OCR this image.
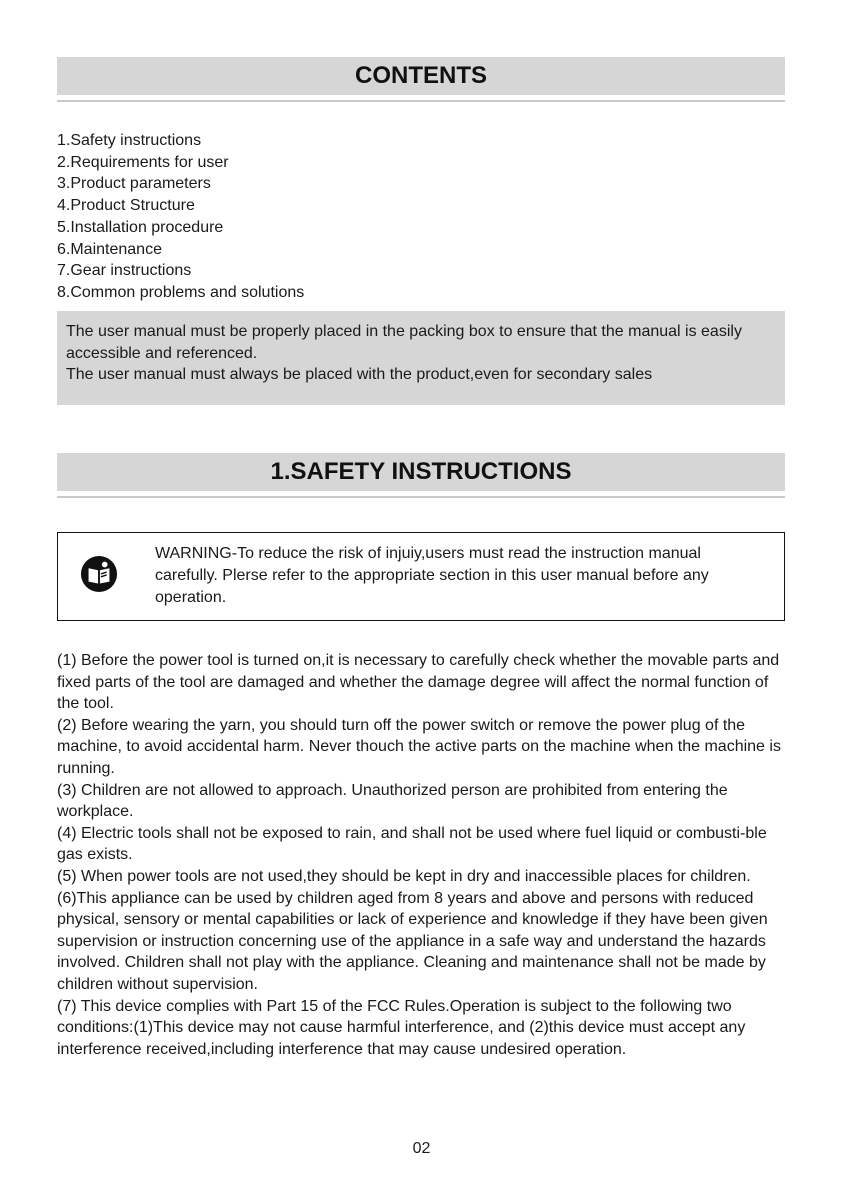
CONTENTS
1.Safety instructions
2.Requirements for user
3.Product parameters
4.Product Structure
5.Installation procedure
6.Maintenance
7.Gear instructions
8.Common problems and solutions

The user manual must be properly placed in the packing box to ensure that the manual is easily accessible and referenced.

The user manual must always be placed with the product,even for secondary sales

1.SAFETY INSTRUCTIONS
WARNING-To reduce the risk of injuiy,users must read the instruction manual carefully. Plerse refer to the appropriate section in this user manual before any operation.

(1) Before the power tool is turned on,it is necessary to carefully check whether the movable parts and fixed parts of the tool are damaged and whether the damage degree will affect the normal function of the tool.

(2) Before wearing the yarn, you should turn off the power switch or remove the power plug of the machine, to avoid accidental harm. Never thouch the active parts on the machine when the machine is running.

(3) Children are not allowed to approach. Unauthorized person are prohibited from entering the workplace.

(4) Electric tools shall not be exposed to rain, and shall not be used where fuel liquid or combusti-ble gas exists.

(5) When power tools are not used,they should be kept in dry and inaccessible places for children.

(6)This appliance can be used by children aged from 8 years and above and persons with reduced physical, sensory or mental capabilities or lack of experience and knowledge if they have been given supervision or instruction concerning use of the appliance in a safe way and understand the hazards involved. Children shall not play with the appliance. Cleaning and maintenance shall not be made by children without supervision.

(7) This device complies with Part 15 of the FCC Rules.Operation is subject to the following two conditions:(1)This device may not cause harmful interference, and (2)this device must accept any interference received,including interference that may cause undesired operation.

02
